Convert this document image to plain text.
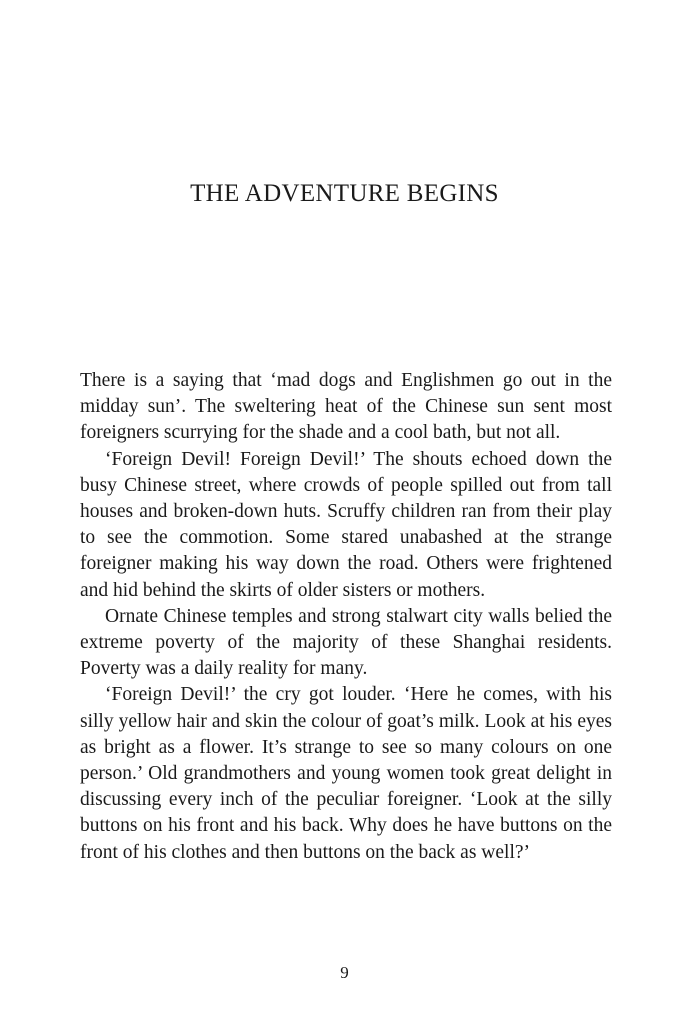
THE ADVENTURE BEGINS

There is a saying that ‘mad dogs and Englishmen go out in the midday sun’. The sweltering heat of the Chinese sun sent most foreigners scurrying for the shade and a cool bath, but not all.

‘Foreign Devil! Foreign Devil!’ The shouts echoed down the busy Chinese street, where crowds of people spilled out from tall houses and broken-down huts. Scruffy children ran from their play to see the commotion. Some stared unabashed at the strange foreigner making his way down the road. Others were frightened and hid behind the skirts of older sisters or mothers.

Ornate Chinese temples and strong stalwart city walls belied the extreme poverty of the majority of these Shanghai residents. Poverty was a daily reality for many.

‘Foreign Devil!’ the cry got louder. ‘Here he comes, with his silly yellow hair and skin the colour of goat’s milk. Look at his eyes as bright as a flower. It’s strange to see so many colours on one person.’ Old grandmothers and young women took great delight in discussing every inch of the peculiar foreigner. ‘Look at the silly buttons on his front and his back. Why does he have buttons on the front of his clothes and then buttons on the back as well?’

9
